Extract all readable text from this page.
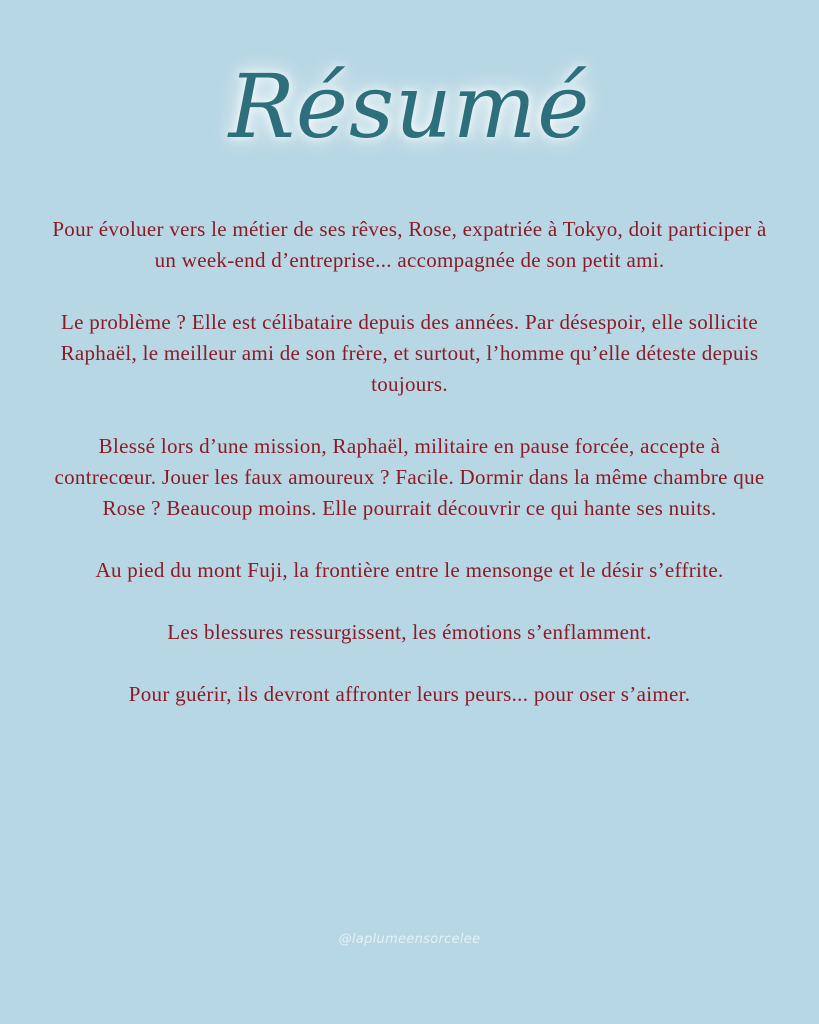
Résumé

Pour évoluer vers le métier de ses rêves, Rose, expatriée à Tokyo, doit participer à un week-end d’entreprise... accompagnée de son petit ami.

Le problème ? Elle est célibataire depuis des années. Par désespoir, elle sollicite Raphaël, le meilleur ami de son frère, et surtout, l’homme qu’elle déteste depuis toujours.

Blessé lors d’une mission, Raphaël, militaire en pause forcée, accepte à contrecœur. Jouer les faux amoureux ? Facile. Dormir dans la même chambre que Rose ? Beaucoup moins. Elle pourrait découvrir ce qui hante ses nuits.

Au pied du mont Fuji, la frontière entre le mensonge et le désir s’effrite.

Les blessures ressurgissent, les émotions s’enflamment.

Pour guérir, ils devront affronter leurs peurs... pour oser s’aimer.

@laplumeensorcelee
